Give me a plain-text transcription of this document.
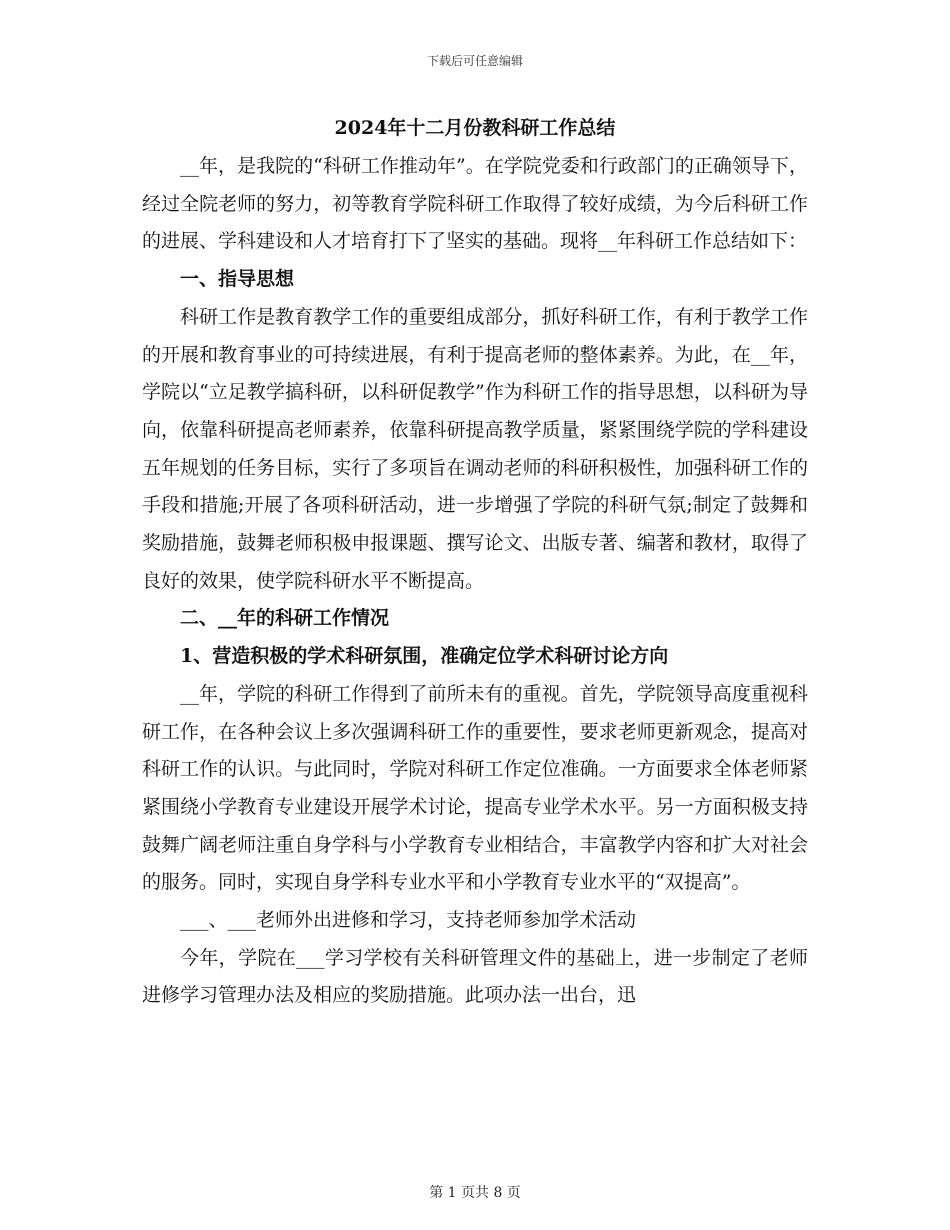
下载后可任意编辑
2024年十二月份教科研工作总结

__年，是我院的“科研工作推动年”。在学院党委和行政部门的正确领导下，经过全院老师的努力，初等教育学院科研工作取得了较好成绩，为今后科研工作的进展、学科建设和人才培育打下了坚实的基础。现将__年科研工作总结如下：

一、指导思想

科研工作是教育教学工作的重要组成部分，抓好科研工作，有利于教学工作的开展和教育事业的可持续进展，有利于提高老师的整体素养。为此，在__年，学院以“立足教学搞科研，以科研促教学”作为科研工作的指导思想，以科研为导向，依靠科研提高老师素养，依靠科研提高教学质量，紧紧围绕学院的学科建设五年规划的任务目标，实行了多项旨在调动老师的科研积极性，加强科研工作的手段和措施;开展了各项科研活动，进一步增强了学院的科研气氛;制定了鼓舞和奖励措施，鼓舞老师积极申报课题、撰写论文、出版专著、编著和教材，取得了良好的效果，使学院科研水平不断提高。

二、__年的科研工作情况

1、营造积极的学术科研氛围，准确定位学术科研讨论方向

__年，学院的科研工作得到了前所未有的重视。首先，学院领导高度重视科研工作，在各种会议上多次强调科研工作的重要性，要求老师更新观念，提高对科研工作的认识。与此同时，学院对科研工作定位准确。一方面要求全体老师紧紧围绕小学教育专业建设开展学术讨论，提高专业学术水平。另一方面积极支持鼓舞广阔老师注重自身学科与小学教育专业相结合，丰富教学内容和扩大对社会的服务。同时，实现自身学科专业水平和小学教育专业水平的“双提高”。

___、___老师外出进修和学习，支持老师参加学术活动

今年，学院在___学习学校有关科研管理文件的基础上，进一步制定了老师进修学习管理办法及相应的奖励措施。此项办法一出台，迅

第 1 页共 8 页
